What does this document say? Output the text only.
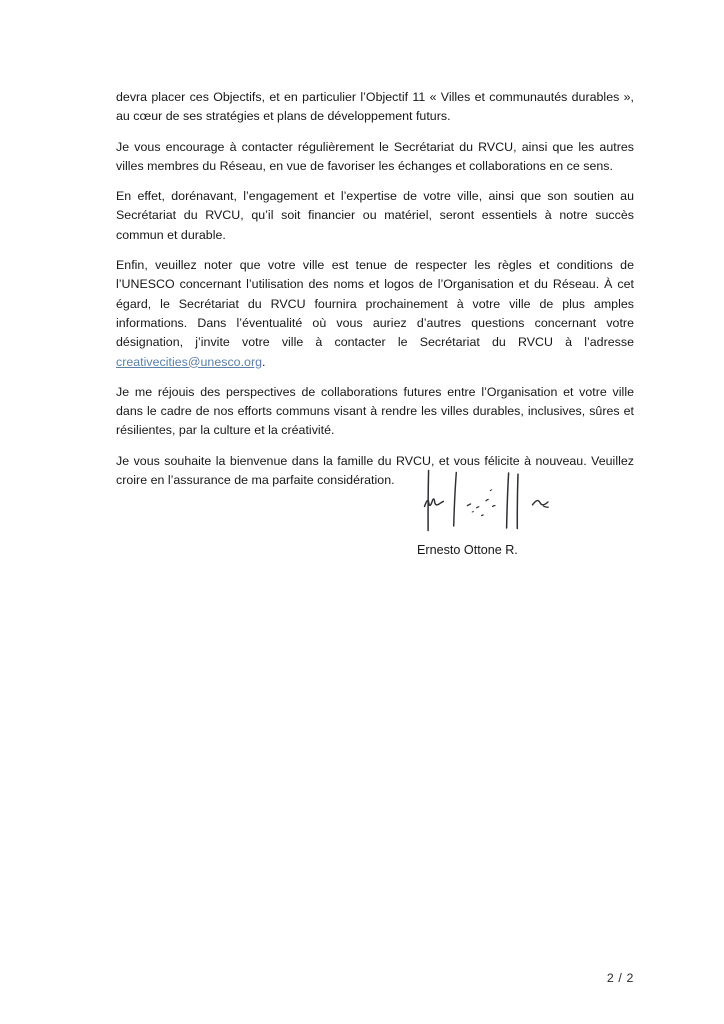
devra placer ces Objectifs, et en particulier l’Objectif 11 « Villes et communautés durables », au cœur de ses stratégies et plans de développement futurs.

Je vous encourage à contacter régulièrement le Secrétariat du RVCU, ainsi que les autres villes membres du Réseau, en vue de favoriser les échanges et collaborations en ce sens.

En effet, dorénavant, l’engagement et l’expertise de votre ville, ainsi que son soutien au Secrétariat du RVCU, qu’il soit financier ou matériel, seront essentiels à notre succès commun et durable.

Enfin, veuillez noter que votre ville est tenue de respecter les règles et conditions de l’UNESCO concernant l’utilisation des noms et logos de l’Organisation et du Réseau. À cet égard, le Secrétariat du RVCU fournira prochainement à votre ville de plus amples informations. Dans l’éventualité où vous auriez d’autres questions concernant votre désignation, j’invite votre ville à contacter le Secrétariat du RVCU à l’adresse creativecities@unesco.org.

Je me réjouis des perspectives de collaborations futures entre l’Organisation et votre ville dans le cadre de nos efforts communs visant à rendre les villes durables, inclusives, sûres et résilientes, par la culture et la créativité.

Je vous souhaite la bienvenue dans la famille du RVCU, et vous félicite à nouveau. Veuillez croire en l’assurance de ma parfaite considération.

Ernesto Ottone R.
2 / 2
